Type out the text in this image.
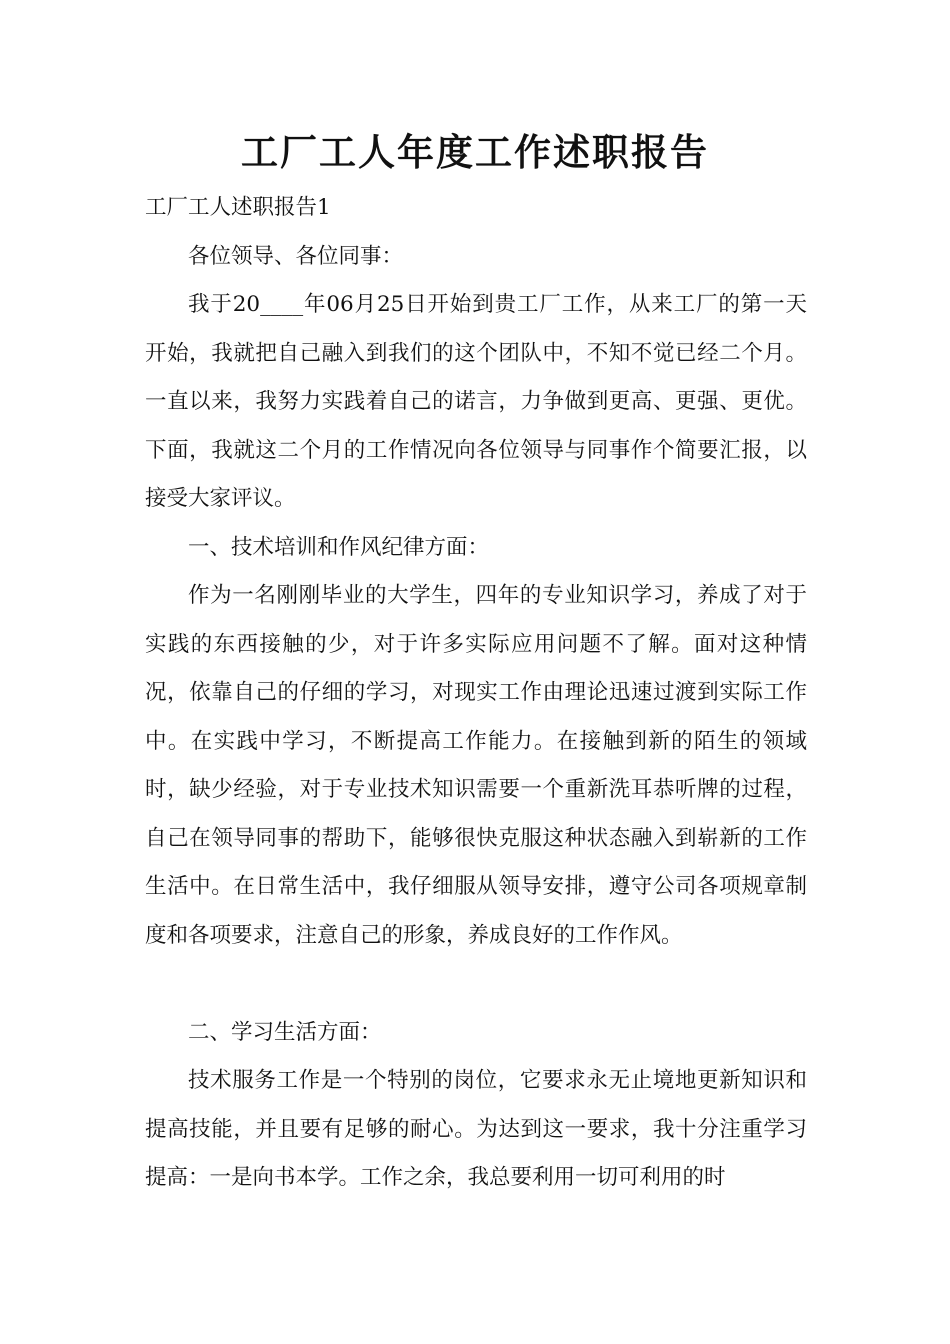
工厂工人年度工作述职报告

工厂工人述职报告1

各位领导、各位同事：

我于20____年06月25日开始到贵工厂工作，从来工厂的第一天开始，我就把自己融入到我们的这个团队中，不知不觉已经二个月。一直以来，我努力实践着自己的诺言，力争做到更高、更强、更优。下面，我就这二个月的工作情况向各位领导与同事作个简要汇报，以接受大家评议。

一、技术培训和作风纪律方面：

作为一名刚刚毕业的大学生，四年的专业知识学习，养成了对于实践的东西接触的少，对于许多实际应用问题不了解。面对这种情况，依靠自己的仔细的学习，对现实工作由理论迅速过渡到实际工作中。在实践中学习，不断提高工作能力。在接触到新的陌生的领域时，缺少经验，对于专业技术知识需要一个重新洗耳恭听牌的过程，自己在领导同事的帮助下，能够很快克服这种状态融入到崭新的工作生活中。在日常生活中，我仔细服从领导安排，遵守公司各项规章制度和各项要求，注意自己的形象，养成良好的工作作风。

二、学习生活方面：

技术服务工作是一个特别的岗位，它要求永无止境地更新知识和提高技能，并且要有足够的耐心。为达到这一要求，我十分注重学习提高：一是向书本学。工作之余，我总要利用一切可利用的时
